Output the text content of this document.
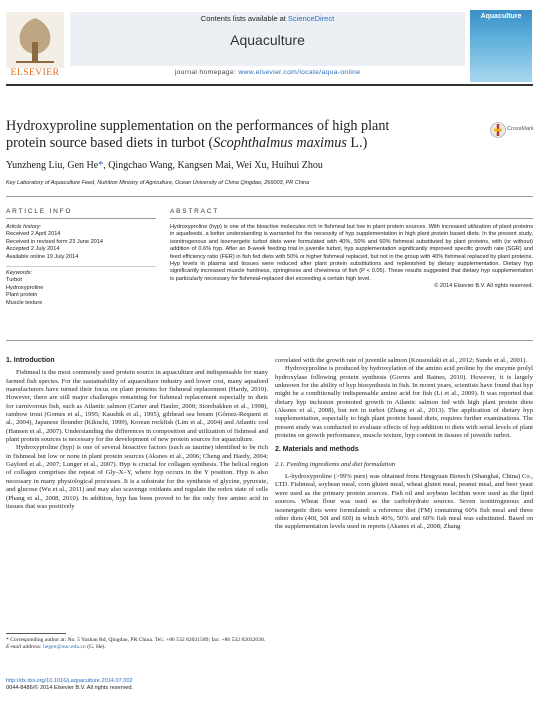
ELSEVIER
Contents lists available at ScienceDirect
Aquaculture
journal homepage: www.elsevier.com/locate/aqua-online
Aquaculture
Hydroxyproline supplementation on the performances of high plant
protein source based diets in turbot (Scophthalmus maximus L.)
CrossMark
Yunzheng Liu, Gen He*, Qingchao Wang, Kangsen Mai, Wei Xu, Huihui Zhou
Key Laboratory of Aquaculture Feed, Nutrition Ministry of Agriculture, Ocean University of China Qingdao, 266003, PR China
ARTICLE INFO
Article history:
Received 2 April 2014
Received in revised form 23 June 2014
Accepted 2 July 2014
Available online 19 July 2014
Keywords:
Turbot
Hydroxyproline
Plant protein
Muscle texture
ABSTRACT
Hydroxyproline (hyp) is one of the bioactive molecules rich in fishmeal but low in plant protein sources. With increased utilization of plant proteins in aquafeeds, a better understanding is warranted for the necessity of hyp supplementation in high plant protein based diets. In the present study, isonitrogenous and isoenergetic turbot diets were formulated with 40%, 50% and 60% fishmeal substituted by plant proteins, with (or without) addition of 0.6% hyp. After an 8-week feeding trial in juvenile turbot, hyp supplementation significantly improved specific growth rate (SGR) and feed efficiency ratio (FER) in fish fed diets with 50% or higher fishmeal replaced, but not in the group with 40% fishmeal replaced by plant proteins. Hyp levels in plasma and tissues were reduced after plant protein substitutions and replenished by dietary supplementation. Dietary hyp significantly increased muscle hardness, springiness and chewiness of fish (P < 0.05). These results suggested that dietary hyp supplementation is particularly necessary for fishmeal-replaced diet exceeding a certain high level.
© 2014 Elsevier B.V. All rights reserved.
1. Introduction

Fishmeal is the most commonly used protein source in aquaculture and indispensable for many farmed fish species. For the sustainability of aquaculture industry and lower cost, many aquafeed manufacturers have turned their focus on plant proteins for fishmeal replacement (Hardy, 2010). However, there are still major challenges remaining for fishmeal replacement especially in diets for carnivorous fish, such as Atlantic salmon (Carter and Hauler, 2000; Storebakken et al., 1998), rainbow trout (Gomes et al., 1995; Kaushik et al., 1995), gilthead sea bream (Gómez-Requeni et al., 2004), Japanese flounder (Kikuchi, 1999), Korean rockfish (Lim et al., 2004) and Atlantic cod (Hansen et al., 2007). Understanding the differences in composition and utilization of fishmeal and plant protein sources is necessary for the development of new protein sources for aquaculture.

Hydroxyproline (hyp) is one of several bioactive factors (such as taurine) identified to be rich in fishmeal but low or none in plant protein sources (Aksnes et al., 2006; Cheng and Hardy, 2004; Gaylord et al., 2007; Lunger et al., 2007). Hyp is crucial for collagen synthesis. The helical region of collagen comprises the repeat of Gly–X–Y, where hyp occurs in the Y position. Hyp is also necessary in many physiological processes. It is a substrate for the synthesis of glycine, pyruvate, and glucose (Wu et al., 2011) and may also scavenge oxidants and regulate the redox state of cells (Phang et al., 2008, 2010). In addition, hyp has been proved to be the only free amino acid in tissues that was positively

correlated with the growth rate of juvenile salmon (Kousoulaki et al., 2012; Sunde et al., 2001).

Hydroxyproline is produced by hydroxylation of the amino acid proline by the enzyme prolyl hydroxylase following protein synthesis (Gorres and Raines, 2010). However, it is largely unknown for the ability of hyp biosynthesis in fish. In recent years, scientists have found that hyp might be a conditionally indispensable amino acid for fish (Li et al., 2009). It was reported that dietary hyp inclusion promoted growth in Atlantic salmon fed with high plant protein diets (Aksnes et al., 2008), but not in turbot (Zhang et al., 2013). The application of dietary hyp supplementation, especially to high plant protein based diets, requires further examinations. The present study was conducted to evaluate effects of hyp addition to diets with serial levels of plant proteins on growth performance, muscle texture, hyp content in tissues of juvenile turbot.

2. Materials and methods
2.1. Feeding ingredients and diet formulation

L-hydroxyproline (>99% pure) was obtained from Hengyuan Biotech (Shanghai, China) Co., LTD. Fishmeal, soybean meal, corn gluten meal, wheat gluten meal, peanut meal, and beer yeast were used as the primary protein sources. Fish oil and soybean lecithin were used as the lipid sources. Wheat flour was used as the carbohydrate sources. Seven isonitrogenous and isoenergetic diets were formulated: a reference diet (FM) containing 60% fish meal and three other diets (40I, 50I and 60I) in which 40%, 50% and 60% fish meal was substituted. Based on the supplementation levels used in reports (Aksnes et al., 2008; Zhang

* Corresponding author at: No. 5 Yushan Rd, Qingdao, PR China. Tel.: +86 532 82031589; fax: +86 532 82032038.
E-mail address: hegen@ouc.edu.cn (G. He).
http://dx.doi.org/10.1016/j.aquaculture.2014.07.002
0044-8486/© 2014 Elsevier B.V. All rights reserved.
